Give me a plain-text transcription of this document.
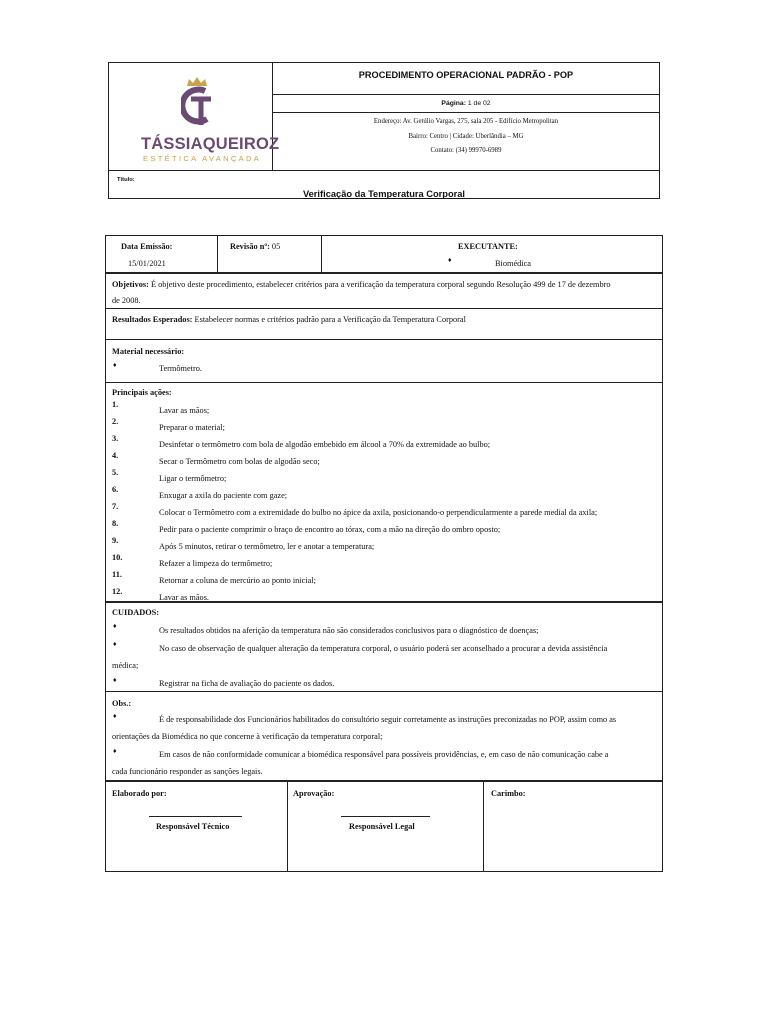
TÁSSIAQUEIROZ
ESTÉTICA AVANÇADA
PROCEDIMENTO OPERACIONAL PADRÃO - POP
Página: 1 de 02
Endereço: Av. Getúlio Vargas, 275, sala 205 - Edifício Metropolitan
Bairro: Centro | Cidade: Uberlândia – MG
Contato: (34) 99970-6989
Título:
Verificação da Temperatura Corporal
Data Emissão:
15/01/2021
Revisão nº: 05	EXECUTANTE:
♦	Biomédica
Objetivos: É objetivo deste procedimento, estabelecer critérios para a verificação da temperatura corporal segundo Resolução 499 de 17 de dezembro
de 2008.
Resultados Esperados: Estabelecer normas e critérios padrão para a Verificação da Temperatura Corporal
Material necessário:
♦	Termômetro.
Principais ações:
1.
Lavar as mãos;
2.
Preparar o material;
3.
Desinfetar o termômetro com bola de algodão embebido em álcool a 70% da extremidade ao bulbo;
4.
Secar o Termômetro com bolas de algodão seco;
5.
Ligar o termômetro;
6.
Enxugar a axila do paciente com gaze;
7.
Colocar o Termômetro com a extremidade do bulbo no ápice da axila, posicionando-o perpendicularmente a parede medial da axila;
8.
Pedir para o paciente comprimir o braço de encontro ao tórax, com a mão na direção do ombro oposto;
9.
Após 5 minutos, retirar o termômetro, ler e anotar a temperatura;
10.
Refazer a limpeza do termômetro;
11.
Retornar a coluna de mercúrio ao ponto inicial;
12.
Lavar as mãos.
CUIDADOS:
♦	Os resultados obtidos na aferição da temperatura não são considerados conclusivos para o diagnóstico de doenças;
♦	No caso de observação de qualquer alteração da temperatura corporal, o usuário poderá ser aconselhado a procurar a devida assistência
médica;
♦	Registrar na ficha de avaliação do paciente os dados.
Obs.:
♦	É de responsabilidade dos Funcionários habilitados do consultório seguir corretamente as instruções preconizadas no POP, assim como as
orientações da Biomédica no que concerne à verificação da temperatura corporal;
♦	Em casos de não conformidade comunicar a biomédica responsável para possíveis providências, e, em caso de não comunicação cabe a
cada funcionário responder as sanções legais.
Elaborado por:
Responsável Técnico
Aprovação:
Responsável Legal
Carimbo:
